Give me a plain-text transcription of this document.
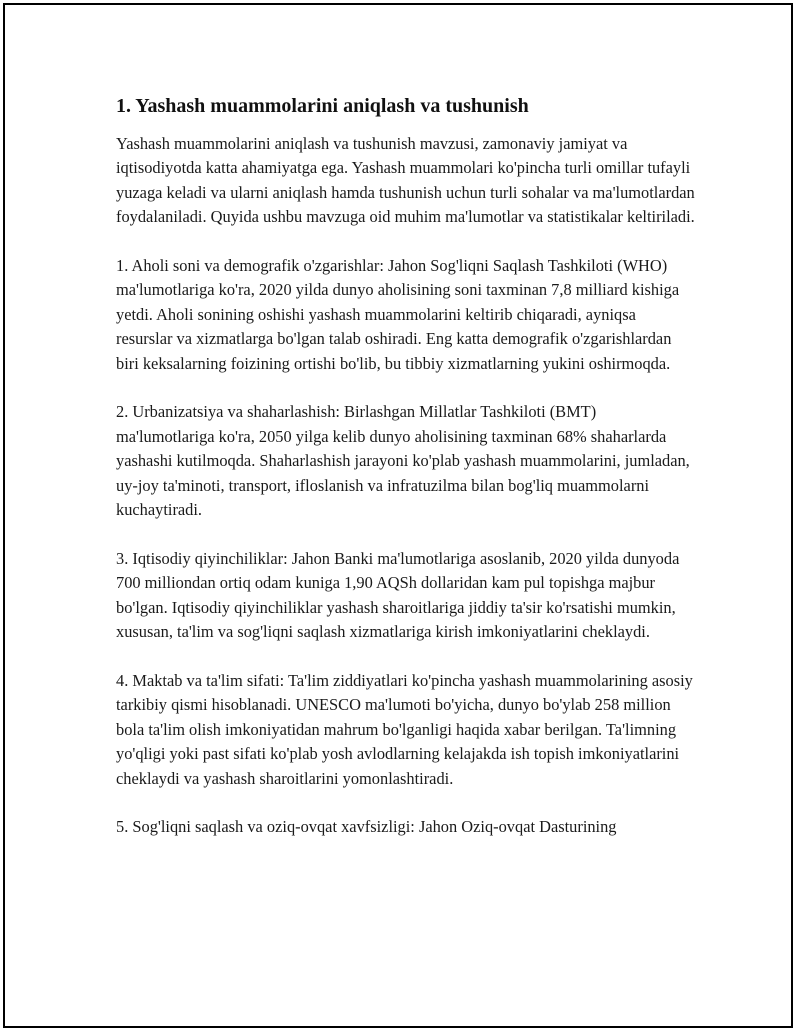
1. Yashash muammolarini aniqlash va tushunish

Yashash muammolarini aniqlash va tushunish mavzusi, zamonaviy jamiyat va iqtisodiyotda katta ahamiyatga ega. Yashash muammolari ko'pincha turli omillar tufayli yuzaga keladi va ularni aniqlash hamda tushunish uchun turli sohalar va ma'lumotlardan foydalaniladi. Quyida ushbu mavzuga oid muhim ma'lumotlar va statistikalar keltiriladi.

1. Aholi soni va demografik o'zgarishlar: Jahon Sog'liqni Saqlash Tashkiloti (WHO) ma'lumotlariga ko'ra, 2020 yilda dunyo aholisining soni taxminan 7,8 milliard kishiga yetdi. Aholi sonining oshishi yashash muammolarini keltirib chiqaradi, ayniqsa resurslar va xizmatlarga bo'lgan talab oshiradi. Eng katta demografik o'zgarishlardan biri keksalarning foizining ortishi bo'lib, bu tibbiy xizmatlarning yukini oshirmoqda.

2. Urbanizatsiya va shaharlashish: Birlashgan Millatlar Tashkiloti (BMT) ma'lumotlariga ko'ra, 2050 yilga kelib dunyo aholisining taxminan 68% shaharlarda yashashi kutilmoqda. Shaharlashish jarayoni ko'plab yashash muammolarini, jumladan, uy-joy ta'minoti, transport, ifloslanish va infratuzilma bilan bog'liq muammolarni kuchaytiradi.

3. Iqtisodiy qiyinchiliklar: Jahon Banki ma'lumotlariga asoslanib, 2020 yilda dunyoda 700 milliondan ortiq odam kuniga 1,90 AQSh dollaridan kam pul topishga majbur bo'lgan. Iqtisodiy qiyinchiliklar yashash sharoitlariga jiddiy ta'sir ko'rsatishi mumkin, xususan, ta'lim va sog'liqni saqlash xizmatlariga kirish imkoniyatlarini cheklaydi.

4. Maktab va ta'lim sifati: Ta'lim ziddiyatlari ko'pincha yashash muammolarining asosiy tarkibiy qismi hisoblanadi. UNESCO ma'lumoti bo'yicha, dunyo bo'ylab 258 million bola ta'lim olish imkoniyatidan mahrum bo'lganligi haqida xabar berilgan. Ta'limning yo'qligi yoki past sifati ko'plab yosh avlodlarning kelajakda ish topish imkoniyatlarini cheklaydi va yashash sharoitlarini yomonlashtiradi.

5. Sog'liqni saqlash va oziq-ovqat xavfsizligi: Jahon Oziq-ovqat Dasturining
